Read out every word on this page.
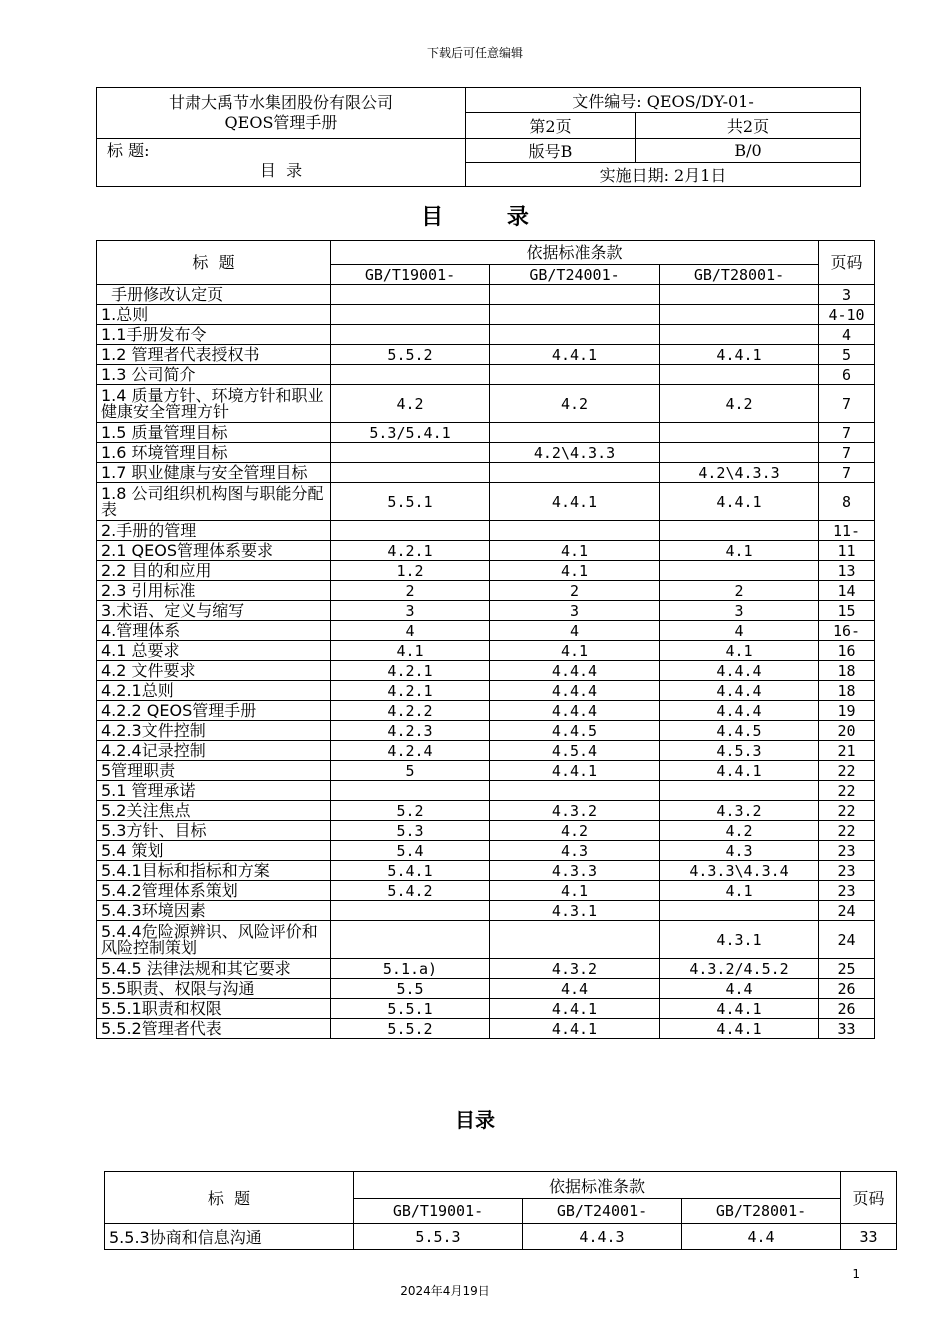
下载后可任意编辑
甘肃大禹节水集团股份有限公司
QEOS管理手册	文件编号: QEOS/DY-01-	
	第2页	共2页

标 题:
目  录	版号B	B/0
	实施日期: 2月1日	
目 录
标  题	依据标准条款			页码
	GB/T19001-	GB/T24001-	GB/T28001-	
手册修改认定页				3
1.总则				4-10
1.1手册发布令				4
1.2 管理者代表授权书	5.5.2	4.4.1	4.4.1	5
1.3 公司简介				6
1.4 质量方针、环境方针和职业健康安全管理方针	4.2	4.2	4.2	7
1.5 质量管理目标	5.3/5.4.1			7
1.6 环境管理目标		4.2\4.3.3		7
1.7 职业健康与安全管理目标			4.2\4.3.3	7
1.8 公司组织机构图与职能分配表	5.5.1	4.4.1	4.4.1	8
2.手册的管理				11-
2.1 QEOS管理体系要求	4.2.1	4.1	4.1	11
2.2 目的和应用	1.2	4.1		13
2.3 引用标准	2	2	2	14
3.术语、定义与缩写	3	3	3	15
4.管理体系	4	4	4	16-
4.1 总要求	4.1	4.1	4.1	16
4.2 文件要求	4.2.1	4.4.4	4.4.4	18
4.2.1总则	4.2.1	4.4.4	4.4.4	18
4.2.2 QEOS管理手册	4.2.2	4.4.4	4.4.4	19
4.2.3文件控制	4.2.3	4.4.5	4.4.5	20
4.2.4记录控制	4.2.4	4.5.4	4.5.3	21
5管理职责	5	4.4.1	4.4.1	22
5.1 管理承诺				22
5.2关注焦点	5.2	4.3.2	4.3.2	22
5.3方针、目标	5.3	4.2	4.2	22
5.4 策划	5.4	4.3	4.3	23
5.4.1目标和指标和方案	5.4.1	4.3.3	4.3.3\4.3.4	23
5.4.2管理体系策划	5.4.2	4.1	4.1	23
5.4.3环境因素		4.3.1		24
5.4.4危险源辨识、风险评价和风险控制策划			4.3.1	24
5.4.5 法律法规和其它要求	5.1.a)	4.3.2	4.3.2/4.5.2	25
5.5职责、权限与沟通	5.5	4.4	4.4	26
5.5.1职责和权限	5.5.1	4.4.1	4.4.1	26
5.5.2管理者代表	5.5.2	4.4.1	4.4.1	33
目录
标  题	依据标准条款			页码
	GB/T19001-	GB/T24001-	GB/T28001-	
5.5.3协商和信息沟通	5.5.3	4.4.3	4.4	33
1
2024年4月19日
